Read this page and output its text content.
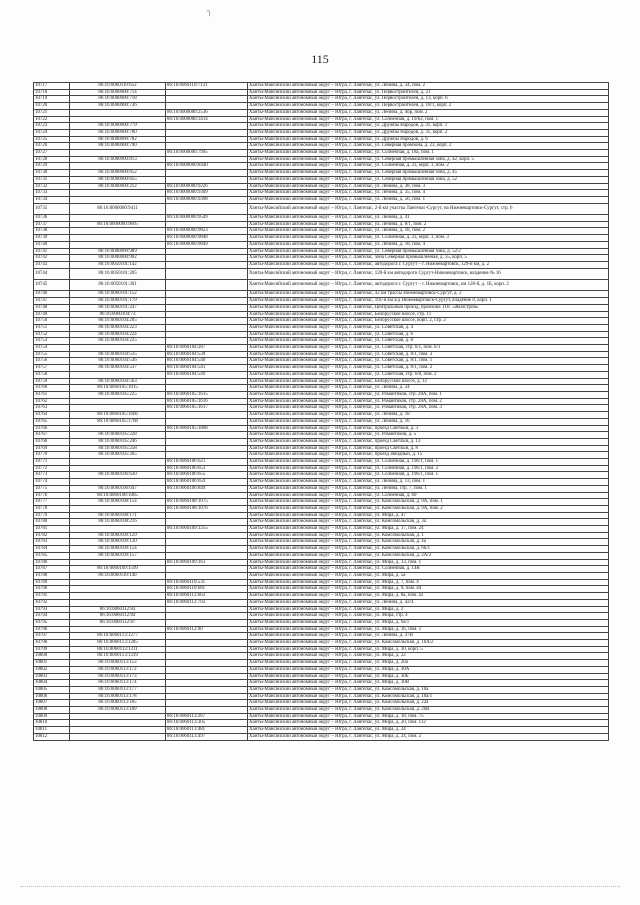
╮
115
10717	86:16:0060110:652	86:16:0060110:7131	Ханты-Мансийский автономный округ – Югра, г. Лангепас, ул. Ленина, д. 34, пом. 2
10718	86:16:0000000:714		Ханты-Мансийский автономный округ – Югра, г. Лангепас, ул. Первостроителей, д. 21
10719	86:16:0000000:718		Ханты-Мансийский автономный округ – Югра, г. Лангепас, ул. Первостроителей, д. 13, корп. 6
10720	86:16:0000000:736		Ханты-Мансийский автономный округ – Югра, г. Лангепас, ул. Первостроителей, д. 18/1, корп. 2
10721		86:16:0000000:2536	Ханты-Мансийский автономный округ – Югра, г. Лангепас, ул. Ленина, д. 4ор, пом. 2
10722		86:16:0000000:3414	Ханты-Мансийский автономный округ – Югра, г. Лангепас, ул. Солнечная, д. 19/б2, пом. 1
10723	86:16:0000000:779		Ханты-Мансийский автономный округ – Югра, г. Лангепас, ул. Дружбы Народов, д. 31, корп. 1
10724	86:16:0000000:780		Ханты-Мансийский автономный округ – Югра, г. Лангепас, ул. Дружбы Народов, д. 31, корп. 2
10725	86:16:0000000:782		Ханты-Мансийский автономный округ – Югра, г. Лангепас, ул. Дружбы Народов, д. 6
10726	86:16:0000000:790		Ханты-Мансийский автономный округ – Югра, г. Лангепас, ул. Северная промзона, д. 23, корп. 2
10727		86:16:0000000:7995	Ханты-Мансийский автономный округ – Югра, г. Лангепас, ул. Солнечная, д. 18а, пом. 1
10728	86:16:0000000:813		Ханты-Мансийский автономный округ – Югра, г. Лангепас, ул. Северная промышленная зона, д. 42, корп. 5
10729		86:16:0000000:8440	Ханты-Мансийский автономный округ – Югра, г. Лангепас, ул. Солнечная, д. 23, корп. 1, пом. 2
10730	86:16:0000000:852		Ханты-Мансийский автономный округ – Югра, г. Лангепас, ул. Северная промышленная зона, д. 45
10731	86:16:0000000:855		Ханты-Мансийский автономный округ – Югра, г. Лангепас, ул. Северная промышленная зона, д. 52
10732	86:16:0000000:212	86:16:0000000:9226	Ханты-Мансийский автономный округ – Югра, г. Лангепас, ул. Ленина, д. 38, пом. 3
10733		86:16:0000000:9309	Ханты-Мансийский автономный округ – Югра, г. Лангепас, ул. Ленина, д. 35, пом. 4
10734		86:16:0000000:9398	Ханты-Мансийский автономный округ – Югра, г. Лангепас, ул. Ленина, д. 56, пом. 1
10735	86:16:0000000:9411		Ханты-Мансийский автономный округ – Югра, г. Лангепас, 2-й км участка Лангепас-Сургут, на Нижневартовск-Сургут, стр. 6
10736		86:16:0000000:9549	Ханты-Мансийский автономный округ – Югра, г. Лангепас, ул. Ленина, д. 41
10737	86:16:0000000:9605		Ханты-Мансийский автономный округ – Югра, г. Лангепас, ул. Ленина, д. 8/1, пом. 2
10738		86:16:0000000:9823	Ханты-Мансийский автономный округ – Югра, г. Лангепас, ул. Ленина, д. 18, пом. 2
10739		86:16:0000000:9848	Ханты-Мансийский автономный округ – Югра, г. Лангепас, ул. Солнечная, д. 23, корп. 1, пом. 3
10740		86:16:0000000:9849	Ханты-Мансийский автономный округ – Югра, г. Лангепас, ул. Ленина, д. 18, пом. 4
10741	86:16:0000000:989		Ханты-Мансийский автономный округ – Югра, г. Лангепас, ул. Северная промышленная зона, д. 52/2
10742	86:16:0000000:992		Ханты-Мансийский автономный округ – Югра, г. Лангепас, зона Северная промышленная, д. 55, корп. 5
10743	86:16:0050101:142		Ханты-Мансийский автономный округ – Югра, г. Лангепас, автодорога г. Сургут – г. Нижневартовск, 129-й км, д. 2
10744	86:16:0050101:205		Ханты-Мансийский автономный округ – Югра, г. Лангепас, 128-й км автодороги Сургут-Нижневартовск, владение № 16
10745	86:16:0050101:301		Ханты-Мансийский автономный округ – Югра, г. Лангепас, автодорога г. Сургут – г. Нижневартовск, км 128-й, д. 1Б, корп. 2
10746	86:16:0060101:152		Ханты-Мансийский автономный округ – Югра, г. Лангепас, 42 км трассы Нижневартовск-Сургут, д. 2
10747	86:16:0060101:179		Ханты-Мансийский автономный округ – Югра, г. Лангепас, 101-й км а/д Нижневартовск-Сургут, владение 8, корп. 1
10748	86:16:0060101:247		Ханты-Мансийский автономный округ – Югра, г. Лангепас, Центральный проезд, промзона ТОГ «Жилстрой»
10749	86:16:0060104:73		Ханты-Мансийский автономный округ – Югра, г. Лангепас, Белорусское шоссе, стр. 11
10750	86:16:0060104:205		Ханты-Мансийский автономный округ – Югра, г. Лангепас, Белорусское шоссе, корп. 2, стр. 2
10751	86:16:0060104:223		Ханты-Мансийский автономный округ – Югра, г. Лангепас, ул. Советская, д. 4
10752	86:16:0060104:224		Ханты-Мансийский автономный округ – Югра, г. Лангепас, ул. Советская, д. 6
10753	86:16:0060104:225		Ханты-Мансийский автономный округ – Югра, г. Лангепас, ул. Советская, д. 8
10754		86:16:0060104:287	Ханты-Мансийский автономный округ – Югра, г. Лангепас, ул. Советская, стр. 6/1, пом. 6/1
10755	86:16:0060104:535	86:16:0060104:539	Ханты-Мансийский автономный округ – Югра, г. Лангепас, ул. Советская, д. 8/1, пом. 3
10756	86:16:0060104:536	86:16:0060104:540	Ханты-Мансийский автономный округ – Югра, г. Лангепас, ул. Советская, д. 8/1, пом. 1
10757	86:16:0060104:537	86:16:0060104:541	Ханты-Мансийский автономный округ – Югра, г. Лангепас, ул. Советская, д. 8/1, пом. 2
10758		86:16:0060104:549	Ханты-Мансийский автономный округ – Югра, г. Лангепас, ул. Советская, стр. 6/8, пом. 2
10759	86:16:0060104:563		Ханты-Мансийский автономный округ – Югра, г. Лангепас, Белорусское шоссе, д. 12
10760	86:16:0060105:1015		Ханты-Мансийский автономный округ – Югра, г. Лангепас, ул. Ленина, д. 24
10761	86:16:0060105:225	86:16:0060105:1615	Ханты-Мансийский автономный округ – Югра, г. Лангепас, ул. Романтиков, стр. 28А, пом. 1
10762		86:16:0060105:1616	Ханты-Мансийский автономный округ – Югра, г. Лангепас, ул. Романтиков, стр. 28А, пом. 2
10763		86:16:0060105:1617	Ханты-Мансийский автономный округ – Югра, г. Лангепас, ул. Романтиков, стр. 28А, пом. 3
10764	86:16:0060105:1666		Ханты-Мансийский автономный округ – Югра, г. Лангепас, ул. Ленина, д. 18
10765	86:16:0060105:1768		Ханты-Мансийский автономный округ – Югра, г. Лангепас, ул. Ленина, д. 16
10766		86:16:0060105:1868	Ханты-Мансийский автономный округ – Югра, г. Лангепас, проезд Светлый, д. 3
10767	86:16:0060105:228		Ханты-Мансийский автономный округ – Югра, г. Лангепас, ул. Романтиков, д. 5
10768	86:16:0060105:246		Ханты-Мансийский автономный округ – Югра, г. Лангепас, проезд Светлый, д. 13
10769	86:16:0060105:258		Ханты-Мансийский автономный округ – Югра, г. Лангепас, проезд Светлый, д. 8
10770	86:16:0060105:265		Ханты-Мансийский автономный округ – Югра, г. Лангепас, проезд Звездный, д. 15
10771		86:16:0060106:621	Ханты-Мансийский автономный округ – Югра, г. Лангепас, ул. Солнечная, д. 19б/1, пом. 1
10772		86:16:0060106:653	Ханты-Мансийский автономный округ – Югра, г. Лангепас, ул. Солнечная, д. 19б/1, пом. 2
10773	86:16:0060106:630	86:16:0060106:655	Ханты-Мансийский автономный округ – Югра, г. Лангепас, ул. Солнечная, д. 19б/1, пом. 1
10774		86:16:0060106:659	Ханты-Мансийский автономный округ – Югра, г. Лангепас, ул. Ленина, д. 13, пом. 1
10775	86:16:0060106:647	86:16:0060106:849	Ханты-Мансийский автономный округ – Югра, г. Лангепас, ул. Ленина, стр. 7, пом. 1
10776	86:16:0060108:1065		Ханты-Мансийский автономный округ – Югра, г. Лангепас, ул. Солнечная, д. 60
10777	86:16:0060108:154	86:16:0060108:1075	Ханты-Мансийский автономный округ – Югра, г. Лангепас, ул. Комсомольская, д. 9А, пом. 1
10778		86:16:0060108:1076	Ханты-Мансийский автономный округ – Югра, г. Лангепас, ул. Комсомольская, д. 9А, пом. 2
10779	86:16:0060108:171		Ханты-Мансийский автономный округ – Югра, г. Лангепас, ул. Мира, д. 47
10780	86:16:0060108:216		Ханты-Мансийский автономный округ – Югра, г. Лангепас, ул. Комсомольская, д. 3а
10781		86:16:0060109:1255	Ханты-Мансийский автономный округ – Югра, г. Лангепас, ул. Мира, д. 17, пом. 24
10782	86:16:0060109:129		Ханты-Мансийский автономный округ – Югра, г. Лангепас, ул. Комсомольская, д. 1
10783	86:16:0060109:130		Ханты-Мансийский автономный округ – Югра, г. Лангепас, ул. Комсомольская, д. 4а
10784	86:16:0060109:154		Ханты-Мансийский автономный округ – Югра, г. Лангепас, ул. Комсомольская, д. 6б/1
10785	86:16:0060109:157		Ханты-Мансийский автономный округ – Югра, г. Лангепас, ул. Комсомольская, д. 2А/3
10786		86:16:0060109:161	Ханты-Мансийский автономный округ – Югра, г. Лангепас, ул. Мира, д. 13, пом. 1
10787	86:16:0060109:1599		Ханты-Мансийский автономный округ – Югра, г. Лангепас, ул. Солнечная, д. 14В
10788	86:16:0060110:140		Ханты-Мансийский автономный округ – Югра, г. Лангепас, ул. Мира, д. 5а
10789		86:16:0060110:531	Ханты-Мансийский автономный округ – Югра, г. Лангепас, ул. Мира, д. 7, пом. 4
10790		86:16:0060110:681	Ханты-Мансийский автономный округ – Югра, г. Лангепас, ул. Мира, д. 9, пом. 44
10791		86:16:0060112:663	Ханты-Мансийский автономный округ – Югра, г. Лангепас, ул. Мира, д. 8а, пом. 42
10792		86:16:0060112:703	Ханты-Мансийский автономный округ – Югра, г. Лангепас, ул. Ленина, д. 42/4
10793	86:16:0060112:83		Ханты-Мансийский автономный округ – Югра, г. Лангепас, ул. Мира, д. 2
10794	86:16:0060112:84		Ханты-Мансийский автономный округ – Югра, г. Лангепас, ул. Мира, стр. 4
10795	86:16:0060112:87		Ханты-Мансийский автономный округ – Югра, г. Лангепас, ул. Мира, д. 6а/1
10796		86:16:0060112:90	Ханты-Мансийский автономный округ – Югра, г. Лангепас, ул. Мира, д. 1б, пом. 1
10797	86:16:0060113:1277		Ханты-Мансийский автономный округ – Югра, г. Лангепас, ул. Ленина, д. 37В
10798	86:16:0060113:1285		Ханты-Мансийский автономный округ – Югра, г. Лангепас, ул. Комсомольская, д. 16А/2
10799	86:16:0060113:1311		Ханты-Мансийский автономный округ – Югра, г. Лангепас, ул. Мира, д. 30, корп. 5
10800	86:16:0060113:1319		Ханты-Мансийский автономный округ – Югра, г. Лангепас, ул. Мира, д. 22
10801	86:16:0060113:153		Ханты-Мансийский автономный округ – Югра, г. Лангепас, ул. Мира, д. 20а
10802	86:16:0060113:172		Ханты-Мансийский автономный округ – Югра, г. Лангепас, ул. Мира, д. 30А
10803	86:16:0060113:173		Ханты-Мансийский автономный округ – Югра, г. Лангепас, ул. Мира, д. 30Б
10804	86:16:0060113:174		Ханты-Мансийский автономный округ – Югра, г. Лангепас, ул. Мира, д. 30В
10805	86:16:0060113:177		Ханты-Мансийский автономный округ – Югра, г. Лангепас, ул. Комсомольская, д. 10а
10806	86:16:0060113:178		Ханты-Мансийский автономный округ – Югра, г. Лангепас, ул. Комсомольская, д. 10а/1
10807	86:16:0060113:185		Ханты-Мансийский автономный округ – Югра, г. Лангепас, ул. Комсомольская, д. 22а
10808	86:16:0060113:189		Ханты-Мансийский автономный округ – Югра, г. Лангепас, ул. Комсомольская, д. 26В
10809		86:16:0060113:267	Ханты-Мансийский автономный округ – Югра, г. Лангепас, ул. Мира, д. 18, пом. 75
10810		86:16:0060113:305	Ханты-Мансийский автономный округ – Югра, г. Лангепас, ул. Мира, д. 20, пом. 112
10811		86:16:0060113:481	Ханты-Мансийский автономный округ – Югра, г. Лангепас, ул. Мира, д. 24
10812		86:16:0060113:497	Ханты-Мансийский автономный округ – Югра, г. Лангепас, ул. Мира, д. 24, пом. 2
